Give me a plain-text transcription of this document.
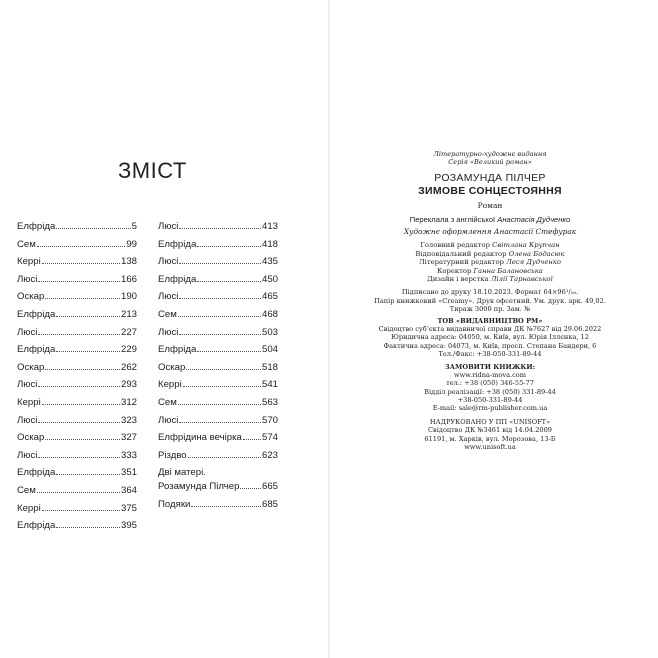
ЗМІСТ
Елфріда	5
Сем	99
Керрі	138
Люсі	166
Оскар	190
Елфріда	213
Люсі	227
Елфріда	229
Оскар	262
Люсі	293
Керрі	312
Люсі	323
Оскар	327
Люсі	333
Елфріда	351
Сем	364
Керрі	375
Елфріда	395
Люсі	413
Елфріда	418
Люсі	435
Елфріда	450
Люсі	465
Сем	468
Люсі	503
Елфріда	504
Оскар	518
Керрі	541
Сем	563
Люсі	570
Елфрідина вечірка 574
Різдво	623
Дві матері.
Розамунда Пілчер 665
Подяки	685
Літературно-художнє видання
Серія «Великий роман»
РОЗАМУНДА ПІЛЧЕР
ЗИМОВЕ СОНЦЕСТОЯННЯ
Роман
Переклала з англійської Анастасія Дудченко
Художнє оформлення Анастасії Стефурак
Головний редактор Світлана Крупчан
Відповідальний редактор Олена Бодасюк
Літературний редактор Леся Дудченко
Коректор Ганна Балановська
Дизайн і верстка Лілії Тарнавської
Підписано до друку 18.10.2023. Формат 64×96¹/₁₆.
Папір книжковий «Creamy». Друк офсетний. Ум. друк. арк. 49,02.
Тираж 3000 пр. Зам. №
ТОВ «ВИДАВНИЦТВО РМ»
Свідоцтво суб’єкта видавничої справи ДК №7627 від 29.06.2022
Юридична адреса: 04050, м. Київ, вул. Юрія Іллєнка, 12
Фактична адреса: 04073, м. Київ, просп. Степана Бандери, 6
Тел./Факс: +38-050-331-89-44
ЗАМОВИТИ КНИЖКИ:
www.ridna-mova.com
тел.: +38 (050) 346-55-77
Відділ реалізації: +38 (050) 331-89-44
+38-050-331-89-44
E-mail: sale@rm-publisher.com.ua
НАДРУКОВАНО У ПП «UNISOFT»
Свідоцтво ДК №3461 від 14.04.2009
61191, м. Харків, вул. Морозова, 13-Б
www.unisoft.ua
